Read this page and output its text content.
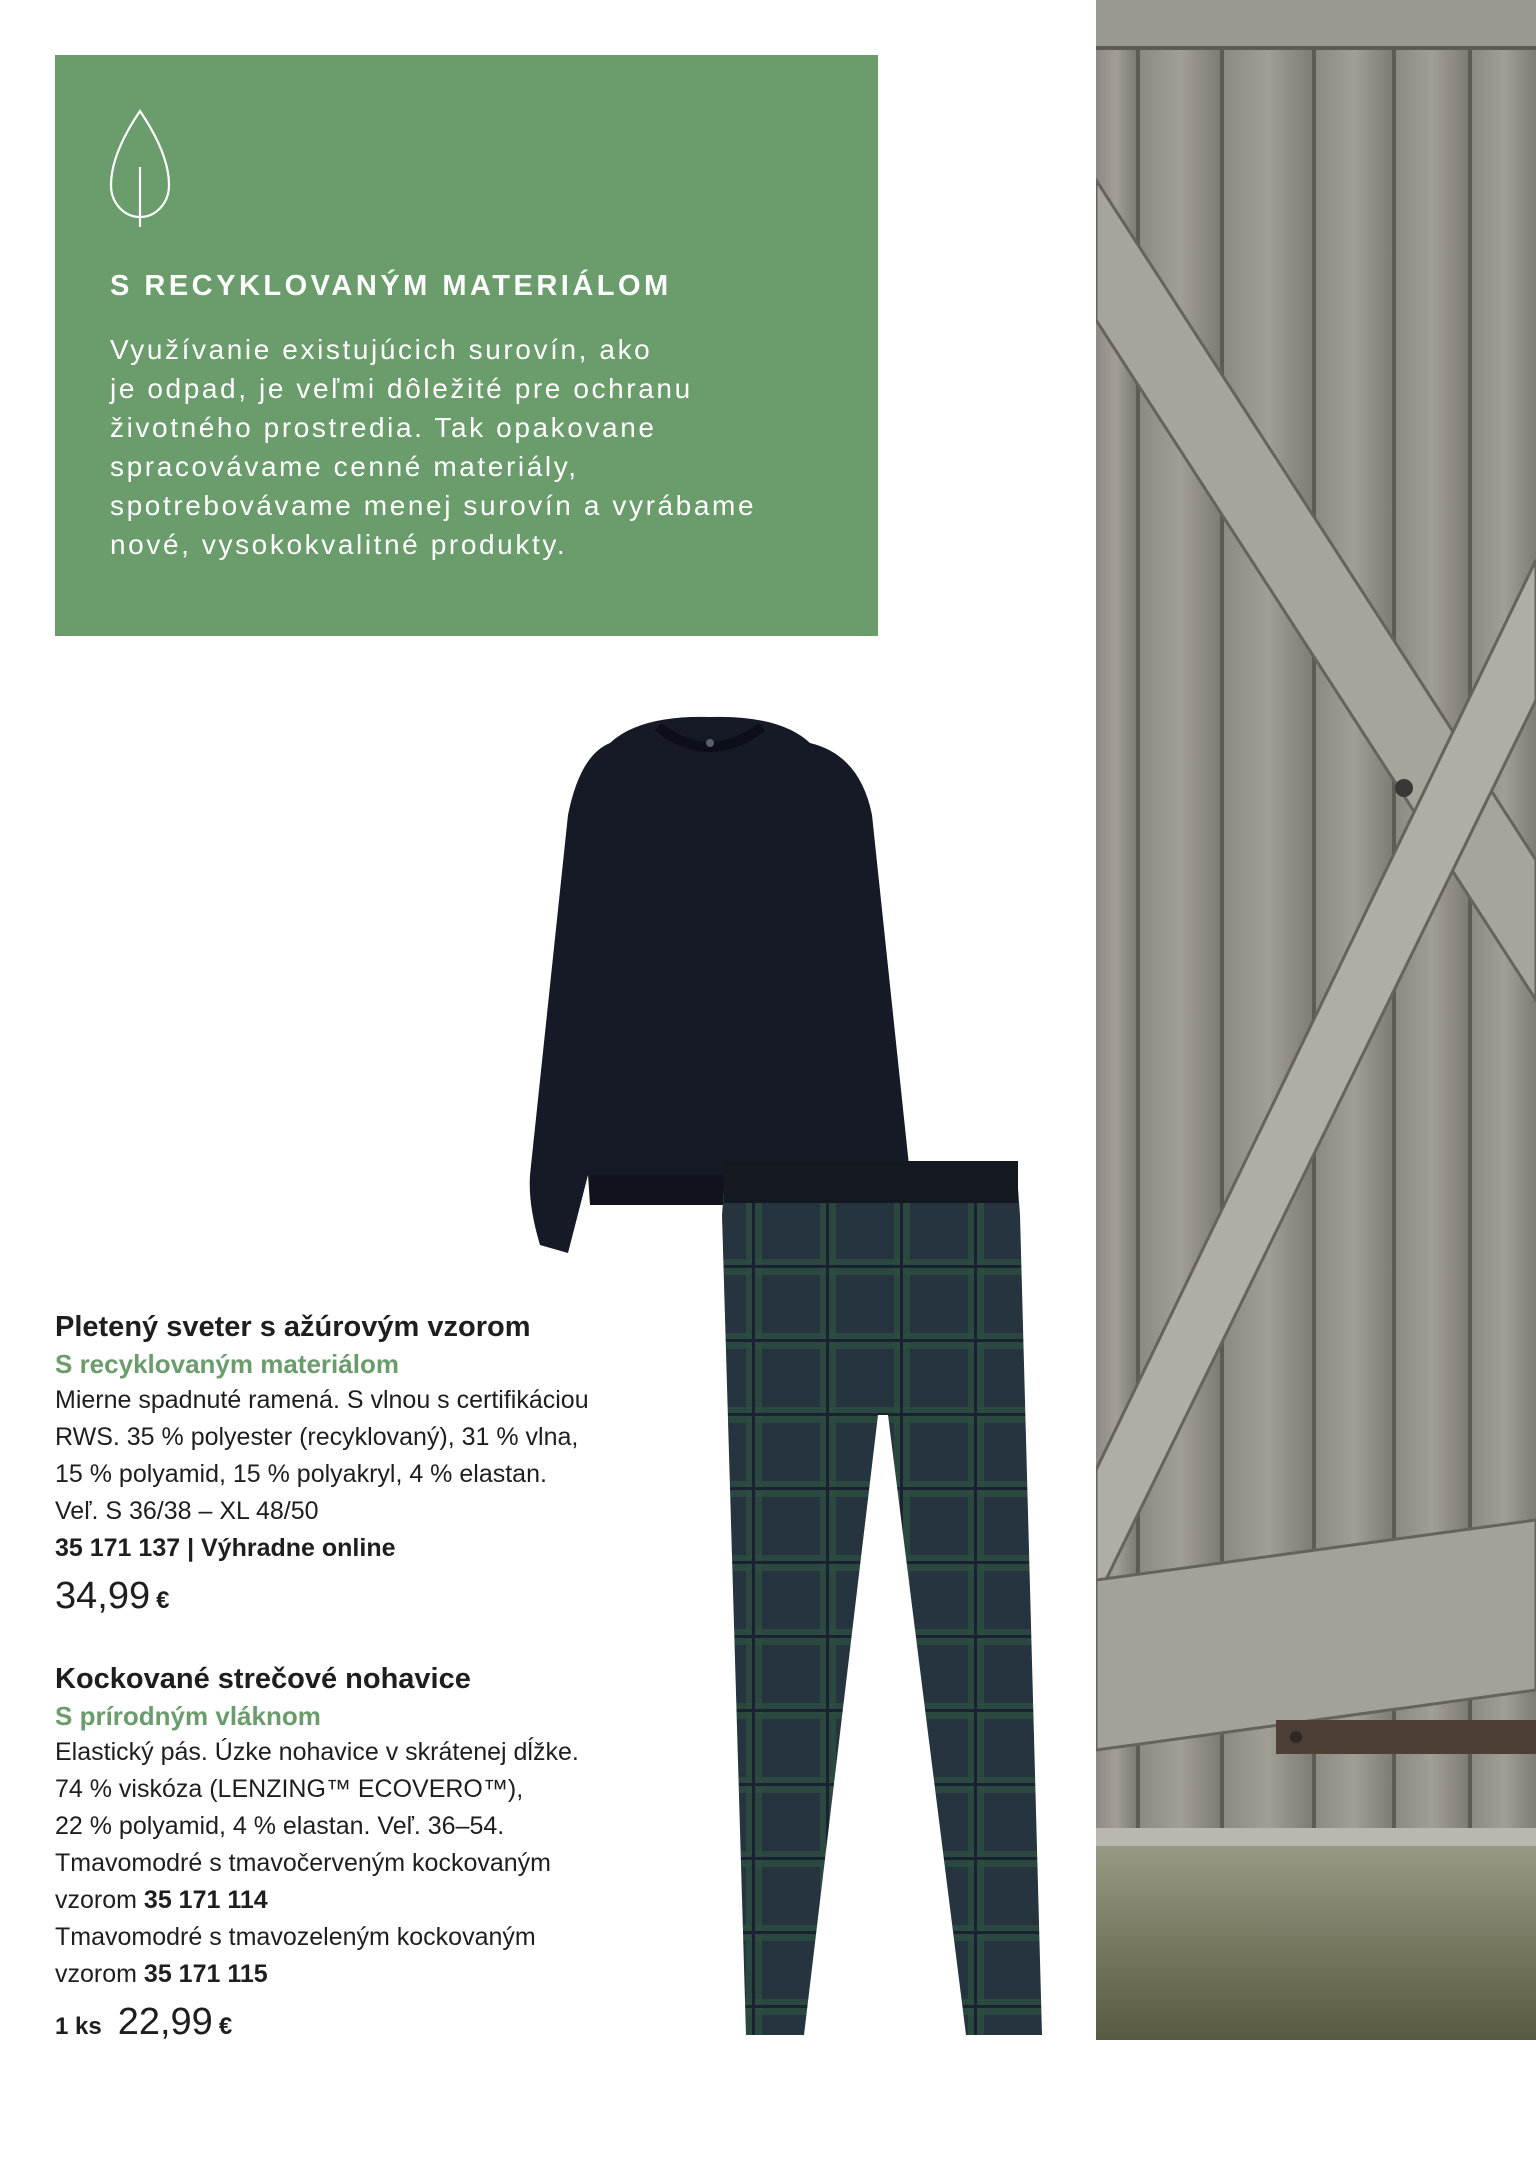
S RECYKLOVANÝM MATERIÁLOM
Využívanie existujúcich surovín, ako
je odpad, je veľmi dôležité pre ochranu
životného prostredia. Tak opakovane
spracovávame cenné materiály,
spotrebovávame menej surovín a vyrábame
nové, vysokokvalitné produkty.
Pletený sveter s ažúrovým vzorom
S recyklovaným materiálom
Mierne spadnuté ramená. S vlnou s certifikáciou
RWS. 35 % polyester (recyklovaný), 31 % vlna,
15 % polyamid, 15 % polyakryl, 4 % elastan.
Veľ. S 36/38 – XL 48/50
35 171 137 | Výhradne online
34,99 €
Kockované strečové nohavice
S prírodným vláknom
Elastický pás. Úzke nohavice v skrátenej dĺžke.
74 % viskóza (LENZING™ ECOVERO™),
22 % polyamid, 4 % elastan. Veľ. 36–54.
Tmavomodré s tmavočerveným kockovaným
vzorom 35 171 114
Tmavomodré s tmavozeleným kockovaným
vzorom 35 171 115
1 ks 22,99 €
